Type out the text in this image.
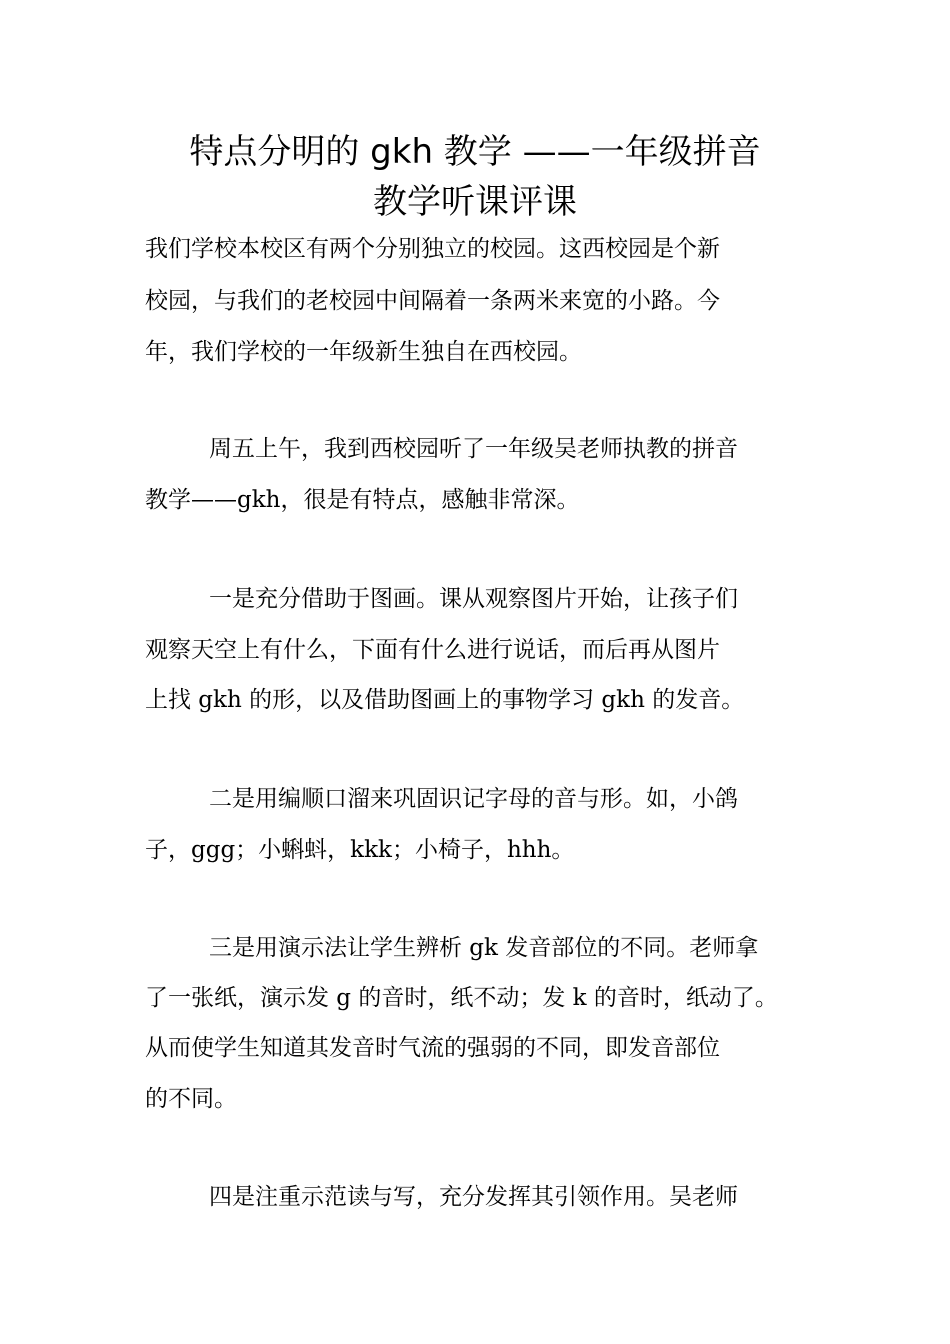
特点分明的 gkh 教学 ——一年级拼音
教学听课评课

我们学校本校区有两个分别独立的校园。这西校园是个新

校园，与我们的老校园中间隔着一条两米来宽的小路。今

年，我们学校的一年级新生独自在西校园。

周五上午，我到西校园听了一年级吴老师执教的拼音

教学——gkh，很是有特点，感触非常深。

一是充分借助于图画。课从观察图片开始，让孩子们

观察天空上有什么，下面有什么进行说话，而后再从图片

上找 gkh 的形，以及借助图画上的事物学习 gkh 的发音。

二是用编顺口溜来巩固识记字母的音与形。如，小鸽

子，ggg；小蝌蚪，kkk；小椅子，hhh。

三是用演示法让学生辨析 gk 发音部位的不同。老师拿

了一张纸，演示发 g 的音时，纸不动；发 k 的音时，纸动了。

从而使学生知道其发音时气流的强弱的不同，即发音部位

的不同。

四是注重示范读与写，充分发挥其引领作用。吴老师
